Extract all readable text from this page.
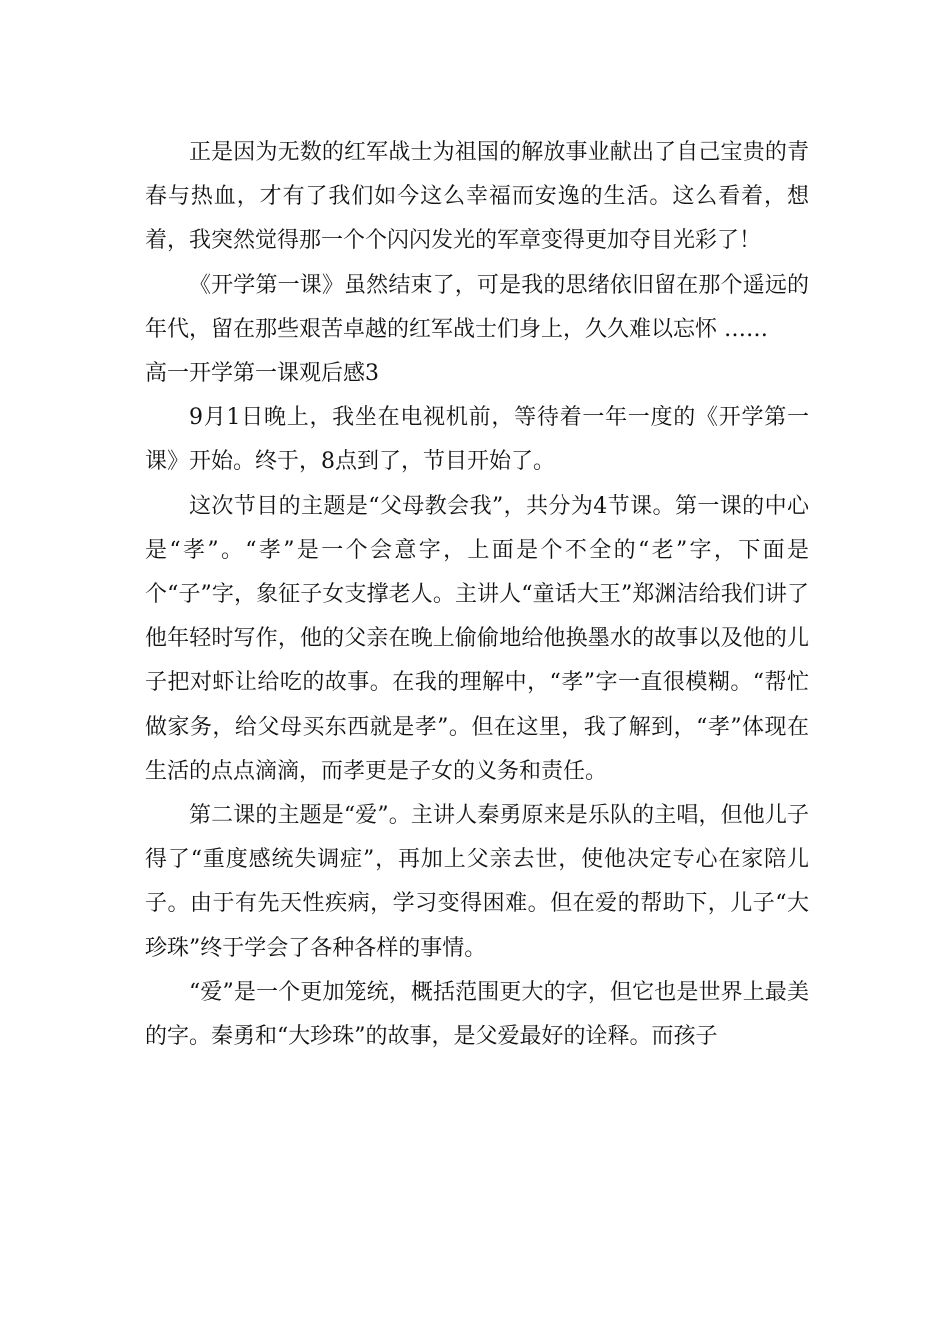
正是因为无数的红军战士为祖国的解放事业献出了自己宝贵的青春与热血，才有了我们如今这么幸福而安逸的生活。这么看着，想着，我突然觉得那一个个闪闪发光的军章变得更加夺目光彩了！

《开学第一课》虽然结束了，可是我的思绪依旧留在那个遥远的年代，留在那些艰苦卓越的红军战士们身上，久久难以忘怀 ……

高一开学第一课观后感3

9月1日晚上，我坐在电视机前，等待着一年一度的《开学第一课》开始。终于，8点到了，节目开始了。

这次节目的主题是“父母教会我”，共分为4节课。第一课的中心是“孝”。“孝”是一个会意字，上面是个不全的“老”字，下面是个“子”字，象征子女支撑老人。主讲人“童话大王”郑渊洁给我们讲了他年轻时写作，他的父亲在晚上偷偷地给他换墨水的故事以及他的儿子把对虾让给吃的故事。在我的理解中，“孝”字一直很模糊。“帮忙做家务，给父母买东西就是孝”。但在这里，我了解到，“孝”体现在生活的点点滴滴，而孝更是子女的义务和责任。

第二课的主题是“爱”。主讲人秦勇原来是乐队的主唱，但他儿子得了“重度感统失调症”，再加上父亲去世，使他决定专心在家陪儿子。由于有先天性疾病，学习变得困难。但在爱的帮助下，儿子“大珍珠”终于学会了各种各样的事情。

“爱”是一个更加笼统，概括范围更大的字，但它也是世界上最美的字。秦勇和“大珍珠”的故事，是父爱最好的诠释。而孩子
